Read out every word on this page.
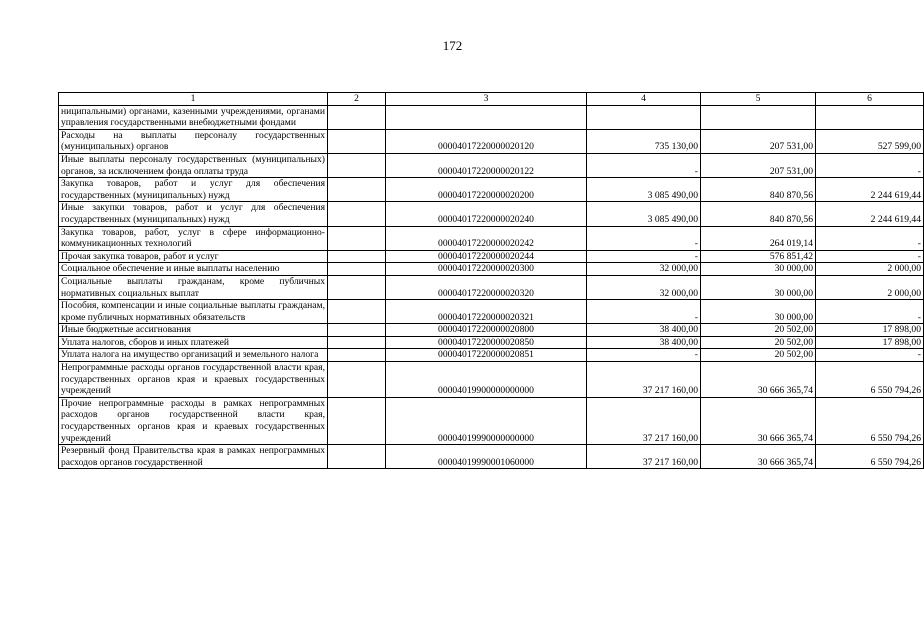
172
1	2	3	4	5	6
ниципальными) органами, казенными учреждениями, органами управления государственными внебюджетными фондами					
Расходы на выплаты персоналу государственных (муниципальных) органов		00004017220000020120	735 130,00	207 531,00	527 599,00
Иные выплаты персоналу государственных (муниципальных) органов, за исключением фонда оплаты труда		00004017220000020122	-	207 531,00	-
Закупка товаров, работ и услуг для обеспечения государственных (муниципальных) нужд		00004017220000020200	3 085 490,00	840 870,56	2 244 619,44
Иные закупки товаров, работ и услуг для обеспечения государственных (муниципальных) нужд		00004017220000020240	3 085 490,00	840 870,56	2 244 619,44
Закупка товаров, работ, услуг в сфере информационно-коммуникационных технологий		00004017220000020242	-	264 019,14	-
Прочая закупка товаров, работ и услуг		00004017220000020244	-	576 851,42	-
Социальное обеспечение и иные выплаты населению		00004017220000020300	32 000,00	30 000,00	2 000,00
Социальные выплаты гражданам, кроме публичных нормативных социальных выплат		00004017220000020320	32 000,00	30 000,00	2 000,00
Пособия, компенсации и иные социальные выплаты гражданам, кроме публичных нормативных обязательств		00004017220000020321	-	30 000,00	-
Иные бюджетные ассигнования		00004017220000020800	38 400,00	20 502,00	17 898,00
Уплата налогов, сборов и иных платежей		00004017220000020850	38 400,00	20 502,00	17 898,00
Уплата налога на имущество организаций и земельного налога		00004017220000020851	-	20 502,00	-
Непрограммные расходы органов государственной власти края, государственных органов края и краевых государственных учреждений		00004019900000000000	37 217 160,00	30 666 365,74	6 550 794,26
Прочие непрограммные расходы в рамках непрограммных расходов органов государственной власти края, государственных органов края и краевых государственных учреждений		00004019990000000000	37 217 160,00	30 666 365,74	6 550 794,26
Резервный фонд Правительства края в рамках непрограммных расходов органов государственной		00004019990001060000	37 217 160,00	30 666 365,74	6 550 794,26
